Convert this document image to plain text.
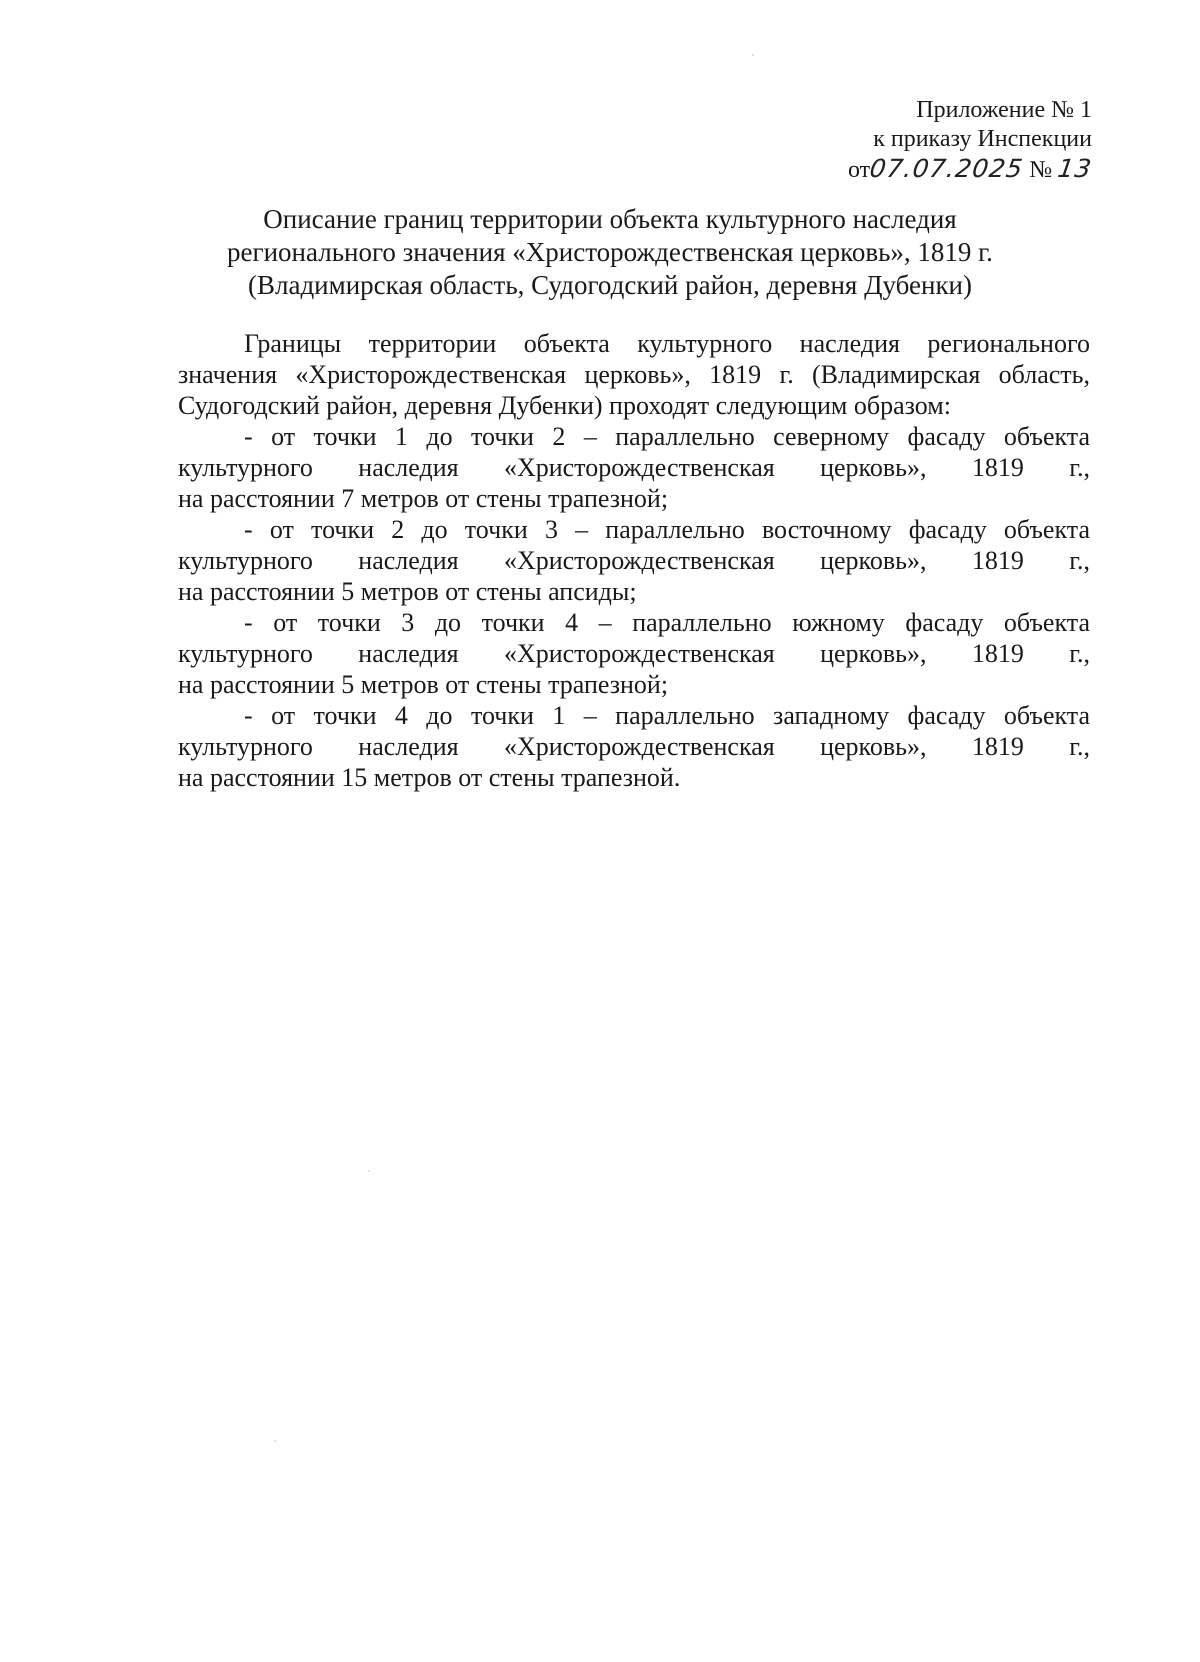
Приложение № 1
к приказу Инспекции
от07.07.2025 № 13
Описание границ территории объекта культурного наследия
регионального значения «Христорождественская церковь», 1819 г.
(Владимирская область, Судогодский район, деревня Дубенки)

Границы территории объекта культурного наследия регионального значения «Христорождественская церковь», 1819 г. (Владимирская область, Судогодский район, деревня Дубенки) проходят следующим образом:

- от точки 1 до точки 2 – параллельно северному фасаду объекта
культурного наследия «Христорождественская церковь», 1819 г.,
на расстоянии 7 метров от стены трапезной;
- от точки 2 до точки 3 – параллельно восточному фасаду объекта
культурного наследия «Христорождественская церковь», 1819 г.,
на расстоянии 5 метров от стены апсиды;
- от точки 3 до точки 4 – параллельно южному фасаду объекта
культурного наследия «Христорождественская церковь», 1819 г.,
на расстоянии 5 метров от стены трапезной;
- от точки 4 до точки 1 – параллельно западному фасаду объекта
культурного наследия «Христорождественская церковь», 1819 г.,
на расстоянии 15 метров от стены трапезной.
